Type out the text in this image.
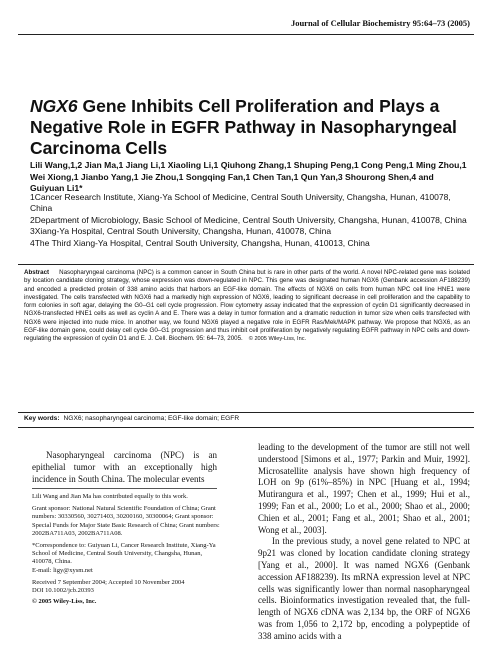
Journal of Cellular Biochemistry 95:64–73 (2005)
NGX6 Gene Inhibits Cell Proliferation and Plays a Negative Role in EGFR Pathway in Nasopharyngeal Carcinoma Cells
Lili Wang,1,2 Jian Ma,1 Jiang Li,1 Xiaoling Li,1 Qiuhong Zhang,1 Shuping Peng,1 Cong Peng,1 Ming Zhou,1 Wei Xiong,1 Jianbo Yang,1 Jie Zhou,1 Songqing Fan,1 Chen Tan,1 Qun Yan,3 Shourong Shen,4 and Guiyuan Li1*
1Cancer Research Institute, Xiang-Ya School of Medicine, Central South University, Changsha, Hunan, 410078, China
2Department of Microbiology, Basic School of Medicine, Central South University, Changsha, Hunan, 410078, China
3Xiang-Ya Hospital, Central South University, Changsha, Hunan, 410078, China
4The Third Xiang-Ya Hospital, Central South University, Changsha, Hunan, 410013, China
Abstract Nasopharyngeal carcinoma (NPC) is a common cancer in South China but is rare in other parts of the world. A novel NPC-related gene was isolated by location candidate cloning strategy, whose expression was down-regulated in NPC. This gene was designated human NGX6 (Genbank accession AF188239) and encoded a predicted protein of 338 amino acids that harbors an EGF-like domain. The effects of NGX6 on cells from human NPC cell line HNE1 were investigated. The cells transfected with NGX6 had a markedly high expression of NGX6, leading to significant decrease in cell proliferation and the capability to form colonies in soft agar, delaying the G0–G1 cell cycle progression. Flow cytometry assay indicated that the expression of cyclin D1 significantly decreased in NGX6-transfected HNE1 cells as well as cyclin A and E. There was a delay in tumor formation and a dramatic reduction in tumor size when cells transfected with NGX6 were injected into nude mice. In another way, we found NGX6 played a negative role in EGFR Ras/Mek/MAPK pathway. We propose that NGX6, as an EGF-like domain gene, could delay cell cycle G0–G1 progression and thus inhibit cell proliferation by negatively regulating EGFR pathway in NPC cells and down-regulating the expression of cyclin D1 and E. J. Cell. Biochem. 95: 64–73, 2005. © 2005 Wiley-Liss, Inc.
Key words: NGX6; nasopharyngeal carcinoma; EGF-like domain; EGFR

Nasopharyngeal carcinoma (NPC) is an epithelial tumor with an exceptionally high incidence in South China. The molecular events

Lili Wang and Jian Ma has contributed equally to this work.

Grant sponsor: National Natural Scientific Foundation of China; Grant numbers: 30330560, 30271403, 30200160, 30300064; Grant sponsor: Special Funds for Major State Basic Research of China; Grant numbers: 2002BA711A03, 2002BA711A08.

*Correspondence to: Guiyuan Li, Cancer Research Institute, Xiang-Ya School of Medicine, Central South University, Changsha, Hunan, 410078, China.

E-mail: ligy@xysm.net

Received 7 September 2004; Accepted 10 November 2004

DOI 10.1002/jcb.20393

© 2005 Wiley-Liss, Inc.

leading to the development of the tumor are still not well understood [Simons et al., 1977; Parkin and Muir, 1992]. Microsatellite analysis have shown high frequency of LOH on 9p (61%–85%) in NPC [Huang et al., 1994; Mutirangura et al., 1997; Chen et al., 1999; Hui et al., 1999; Fan et al., 2000; Lo et al., 2000; Shao et al., 2000; Chien et al., 2001; Fang et al., 2001; Shao et al., 2001; Wong et al., 2003].

In the previous study, a novel gene related to NPC at 9p21 was cloned by location candidate cloning strategy [Yang et al., 2000]. It was named NGX6 (Genbank accession AF188239). Its mRNA expression level at NPC cells was significantly lower than normal nasopharyngeal cells. Bioinformatics investigation revealed that, the full-length of NGX6 cDNA was 2,134 bp, the ORF of NGX6 was from 1,056 to 2,172 bp, encoding a polypeptide of 338 amino acids with a
